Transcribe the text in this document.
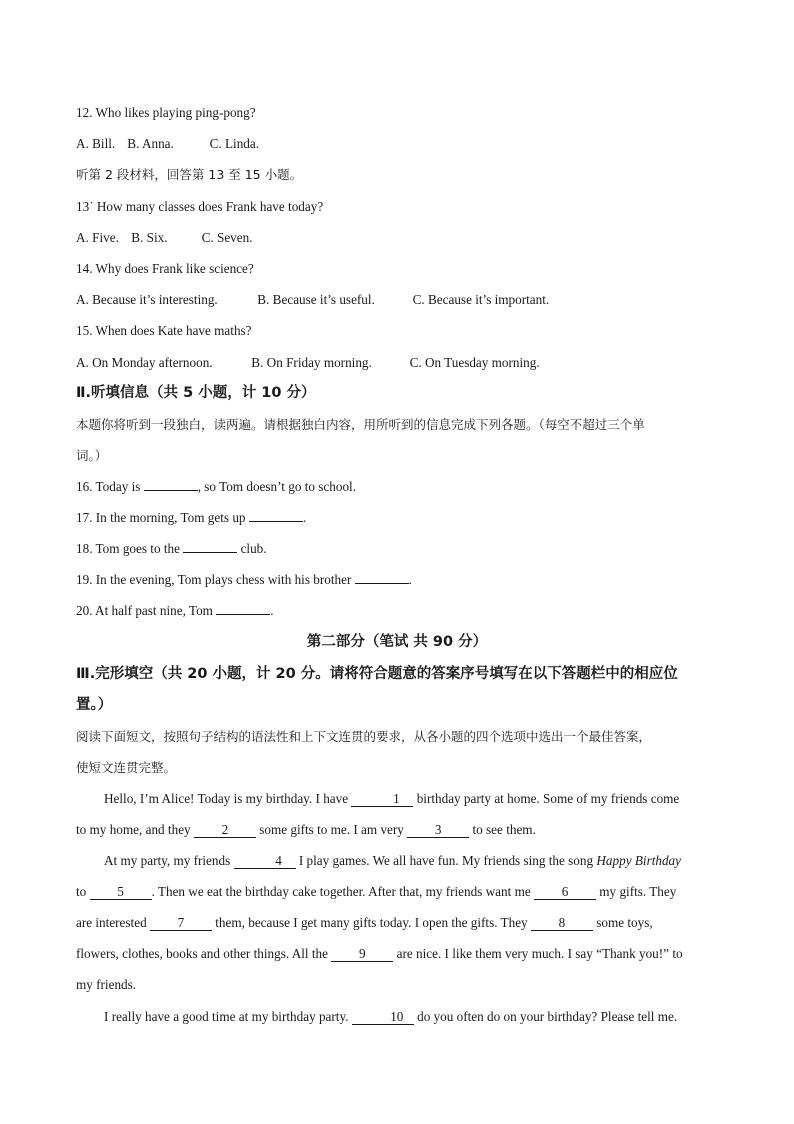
12. Who likes playing ping-pong?
A. Bill. B. Anna.	C. Linda.
听第 2 段材料，回答第 13 至 15 小题。
13˙ How many classes does Frank have today?
A. Five. B. Six.	C. Seven.
14. Why does Frank like science?
A. Because it’s interesting.	B. Because it’s useful.	C. Because it’s important.
15. When does Kate have maths?
A. On Monday afternoon.	B. On Friday morning.	C. On Tuesday morning.
Ⅱ.听填信息（共 5 小题，计 10 分）
本题你将听到一段独白，读两遍。请根据独白内容，用所听到的信息完成下列各题。（每空不超过三个单
词。）
16. Today is	, so Tom doesn’t go to school.
17. In the morning, Tom gets up	.
18. Tom goes to the	club.
19. In the evening, Tom plays chess with his brother	.
20. At half past nine, Tom	.
第二部分（笔试 共 90 分）
Ⅲ.完形填空（共 20 小题，计 20 分。请将符合题意的答案序号填写在以下答题栏中的相应位
置。）
阅读下面短文，按照句子结构的语法性和上下文连贯的要求，从各小题的四个选项中选出一个最佳答案，
使短文连贯完整。
Hello, I’m Alice! Today is my birthday. I have	1 birthday party at home. Some of my friends come
to my home, and they 2 some gifts to me. I am very 3 to see them.
At my party, my friends	4 I play games. We all have fun. My friends sing the song Happy Birthday
to 5 . Then we eat the birthday cake together. After that, my friends want me 6 my gifts. They
are interested 7 them, because I get many gifts today. I open the gifts. They 8 some toys,
flowers, clothes, books and other things. All the 9 are nice. I like them very much. I say “Thank you!” to
my friends.
I really have a good time at my birthday party.	10 do you often do on your birthday? Please tell me.
